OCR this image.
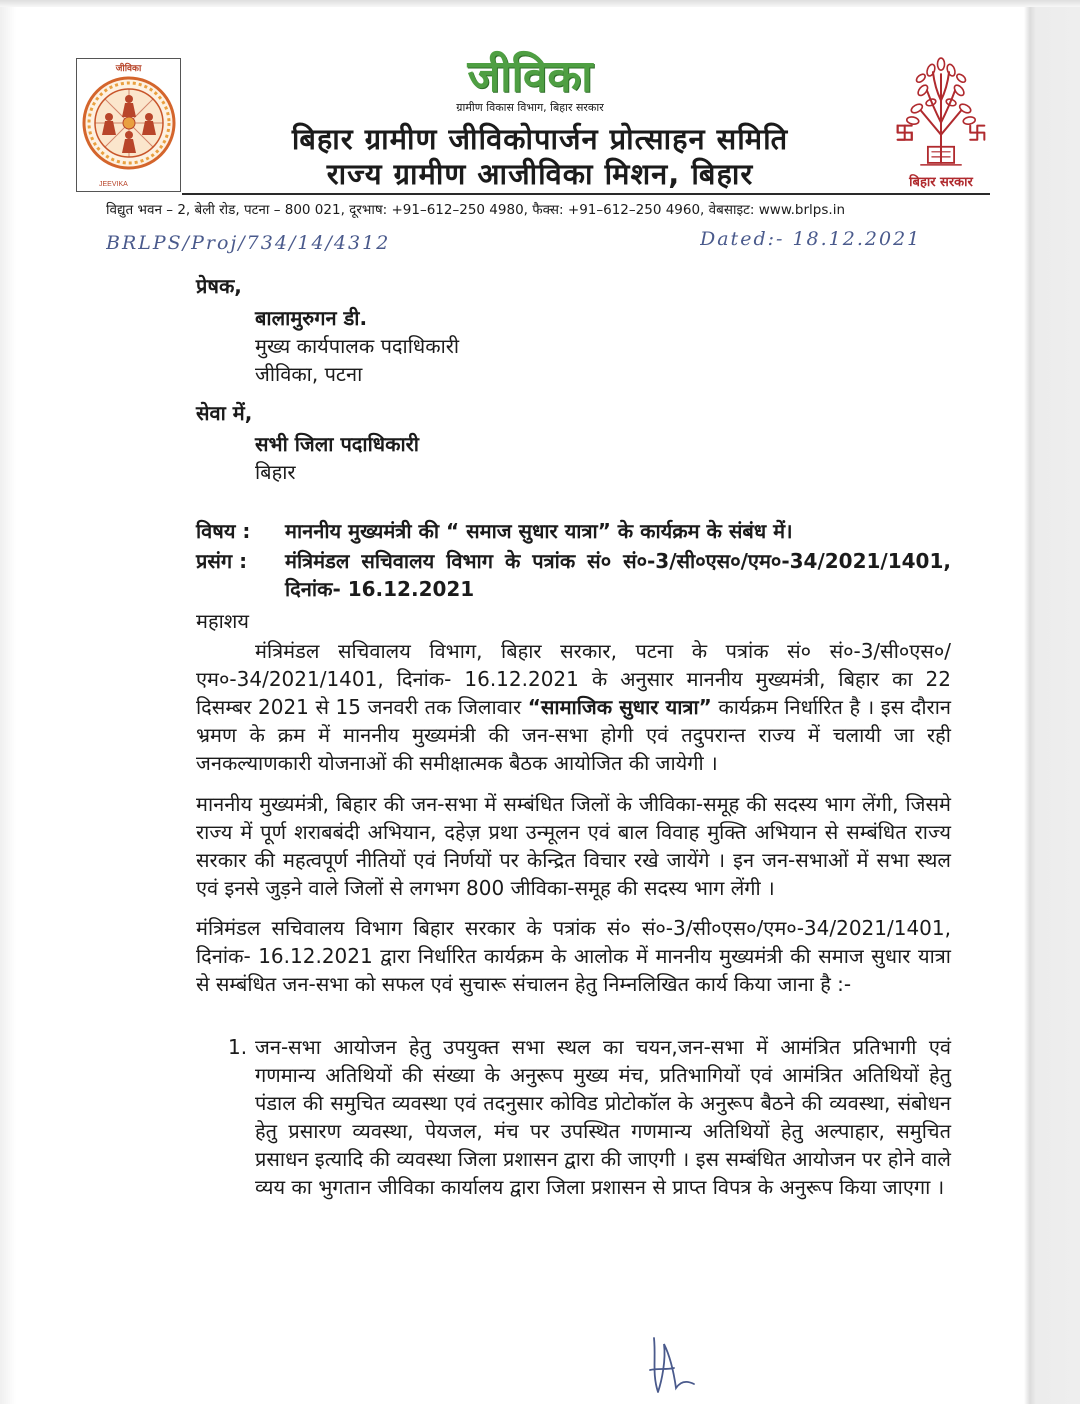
जीविका
JEEVIKA
जीविका
ग्रामीण विकास विभाग, बिहार सरकार
बिहार ग्रामीण जीविकोपार्जन प्रोत्साहन समिति
राज्य ग्रामीण आजीविका मिशन, बिहार	बिहार सरकार
विद्युत भवन – 2, बेली रोड, पटना – 800 021, दूरभाष: +91–612–250 4980, फैक्स: +91–612–250 4960, वेबसाइट: www.brlps.in
BRLPS/Proj/734/14/4312	Dated:- 18.12.2021

प्रेषक,

बालामुरुगन डी.

मुख्य कार्यपालक पदाधिकारी

जीविका, पटना

सेवा में,

सभी जिला पदाधिकारी

बिहार

विषय :	माननीय मुख्यमंत्री की “ समाज सुधार यात्रा” के कार्यक्रम के संबंध में।
प्रसंग :	मंत्रिमंडल सचिवालय विभाग के पत्रांक सं० सं०-3/सी०एस०/एम०-34/2021/1401, दिनांक- 16.12.2021

महाशय

मंत्रिमंडल सचिवालय विभाग, बिहार सरकार, पटना के पत्रांक सं० सं०-3/सी०एस०/एम०-34/2021/1401, दिनांक- 16.12.2021 के अनुसार माननीय मुख्यमंत्री, बिहार का 22 दिसम्बर 2021 से 15 जनवरी तक जिलावार “सामाजिक सुधार यात्रा” कार्यक्रम निर्धारित है । इस दौरान भ्रमण के क्रम में माननीय मुख्यमंत्री की जन-सभा होगी एवं तदुपरान्त राज्य में चलायी जा रही जनकल्याणकारी योजनाओं की समीक्षात्मक बैठक आयोजित की जायेगी ।

माननीय मुख्यमंत्री, बिहार की जन-सभा में सम्बंधित जिलों के जीविका-समूह की सदस्य भाग लेंगी, जिसमे राज्य में पूर्ण शराबबंदी अभियान, दहेज़ प्रथा उन्मूलन एवं बाल विवाह मुक्ति अभियान से सम्बंधित राज्य सरकार की महत्वपूर्ण नीतियों एवं निर्णयों पर केन्द्रित विचार रखे जायेंगे । इन जन-सभाओं में सभा स्थल एवं इनसे जुड़ने वाले जिलों से लगभग 800 जीविका-समूह की सदस्य भाग लेंगी ।

मंत्रिमंडल सचिवालय विभाग बिहार सरकार के पत्रांक सं० सं०-3/सी०एस०/एम०-34/2021/1401, दिनांक- 16.12.2021 द्वारा निर्धारित कार्यक्रम के आलोक में माननीय मुख्यमंत्री की समाज सुधार यात्रा से सम्बंधित जन-सभा को सफल एवं सुचारू संचालन हेतु निम्नलिखित कार्य किया जाना है :-

1. जन-सभा आयोजन हेतु उपयुक्त सभा स्थल का चयन,जन-सभा में आमंत्रित प्रतिभागी एवं गणमान्य अतिथियों की संख्या के अनुरूप मुख्य मंच, प्रतिभागियों एवं आमंत्रित अतिथियों हेतु पंडाल की समुचित व्यवस्था एवं तदनुसार कोविड प्रोटोकॉल के अनुरूप बैठने की व्यवस्था, संबोधन हेतु प्रसारण व्यवस्था, पेयजल, मंच पर उपस्थित गणमान्य अतिथियों हेतु अल्पाहार, समुचित प्रसाधन इत्यादि की व्यवस्था जिला प्रशासन द्वारा की जाएगी । इस सम्बंधित आयोजन पर होने वाले व्यय का भुगतान जीविका कार्यालय द्वारा जिला प्रशासन से प्राप्त विपत्र के अनुरूप किया जाएगा ।
